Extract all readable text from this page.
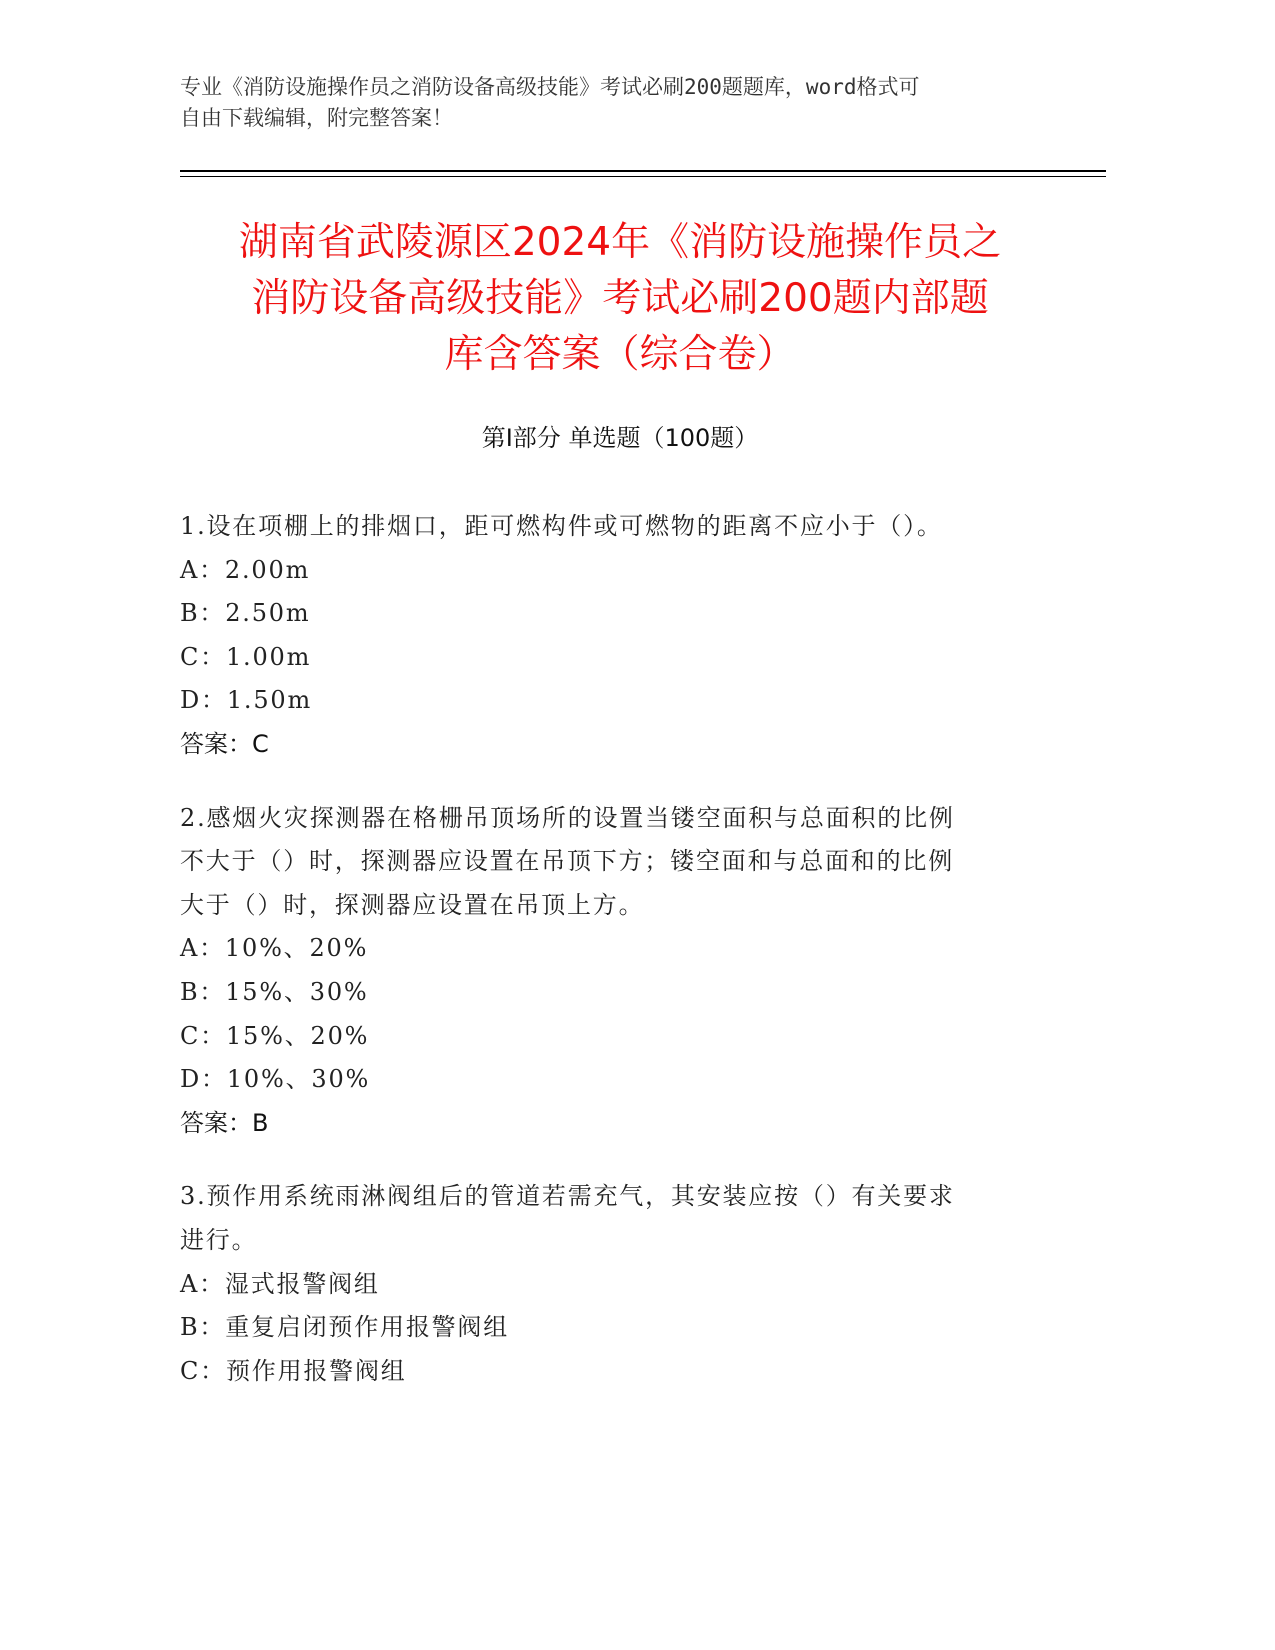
专业《消防设施操作员之消防设备高级技能》考试必刷200题题库，word格式可
自由下载编辑，附完整答案！
湖南省武陵源区2024年《消防设施操作员之
消防设备高级技能》考试必刷200题内部题
库含答案（综合卷）
第I部分 单选题（100题）
1.设在项棚上的排烟口，距可燃构件或可燃物的距离不应小于（）。
A：2.00m
B：2.50m
C：1.00m
D：1.50m
答案：C
2.感烟火灾探测器在格栅吊顶场所的设置当镂空面积与总面积的比例
不大于（）时，探测器应设置在吊顶下方；镂空面和与总面和的比例
大于（）时，探测器应设置在吊顶上方。
A：10%、20%
B：15%、30%
C：15%、20%
D：10%、30%
答案：B
3.预作用系统雨淋阀组后的管道若需充气，其安装应按（）有关要求
进行。
A：湿式报警阀组
B：重复启闭预作用报警阀组
C：预作用报警阀组
